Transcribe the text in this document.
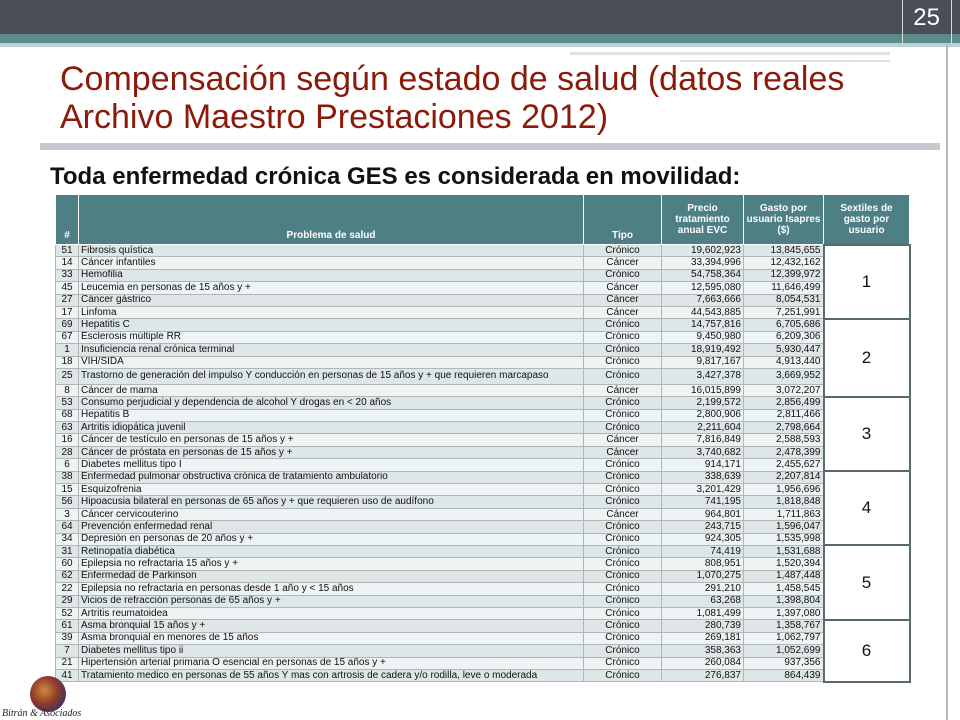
25
Compensación según estado de salud (datos reales Archivo Maestro Prestaciones 2012)
Toda enfermedad crónica GES es considerada en movilidad:
#	Problema de salud	Tipo	Precio tratamiento anual EVC	Gasto por usuario Isapres ($)	Sextiles de gasto por usuario
51	Fibrosis quística	Crónico	19,602,923	13,845,655	1
14	Cáncer infantiles	Cáncer	33,394,996	12,432,162	
33	Hemofilia	Crónico	54,758,364	12,399,972	
45	Leucemia en personas de 15 años y +	Cáncer	12,595,080	11,646,499	
27	Cáncer gástrico	Cáncer	7,663,666	8,054,531	
17	Linfoma	Cáncer	44,543,885	7,251,991	
69	Hepatitis C	Crónico	14,757,816	6,705,686	2
67	Esclerosis múltiple RR	Crónico	9,450,980	6,209,306	
1	Insuficiencia renal crónica terminal	Crónico	18,919,492	5,930,447	
18	VIH/SIDA	Crónico	9,817,167	4,913,440	
25	Trastorno de generación del impulso Y conducción en personas de 15 años y + que requieren marcapaso	Crónico	3,427,378	3,669,952	
8	Cáncer de mama	Cáncer	16,015,899	3,072,207	
53	Consumo perjudicial y dependencia de alcohol Y drogas en < 20 años	Crónico	2,199,572	2,856,499	3
68	Hepatitis B	Crónico	2,800,906	2,811,466	
63	Artritis idiopática juvenil	Crónico	2,211,604	2,798,664	
16	Cáncer de testículo en personas de 15 años y +	Cáncer	7,816,849	2,588,593	
28	Cáncer de próstata en personas de 15 años y +	Cáncer	3,740,682	2,478,399	
6	Diabetes mellitus tipo I	Crónico	914,171	2,455,627	
38	Enfermedad pulmonar obstructiva crónica de tratamiento ambulatorio	Crónico	338,639	2,207,814	4
15	Esquizofrenia	Crónico	3,201,429	1,956,696	
56	Hipoacusia bilateral en personas de 65 años y + que requieren uso de audífono	Crónico	741,195	1,818,848	
3	Cáncer cervicouterino	Cáncer	964,801	1,711,863	
64	Prevención enfermedad renal	Crónico	243,715	1,596,047	
34	Depresión en personas de 20 años y +	Crónico	924,305	1,535,998	
31	Retinopatía diabética	Crónico	74,419	1,531,688	5
60	Epilepsia no refractaria 15 años y +	Crónico	808,951	1,520,394	
62	Enfermedad de Parkinson	Crónico	1,070,275	1,487,448	
22	Epilepsia no refractaria en personas desde 1 año y < 15 años	Crónico	291,210	1,458,545	
29	Vicios de refracción personas de 65 años y +	Crónico	63,268	1,398,804	
52	Artritis reumatoidea	Crónico	1,081,499	1,397,080	
61	Asma bronquial 15 años y +	Crónico	280,739	1,358,767	6
39	Asma bronquial en menores de 15 años	Crónico	269,181	1,062,797	
7	Diabetes mellitus tipo ii	Crónico	358,363	1,052,699	
21	Hipertensión arterial primaria O esencial en personas de 15 años y +	Crónico	260,084	937,356	
41	Tratamiento medico en personas de 55 años Y mas con artrosis de cadera y/o rodilla, leve o moderada	Crónico	276,837	864,439	
Bitrán & Asociados
